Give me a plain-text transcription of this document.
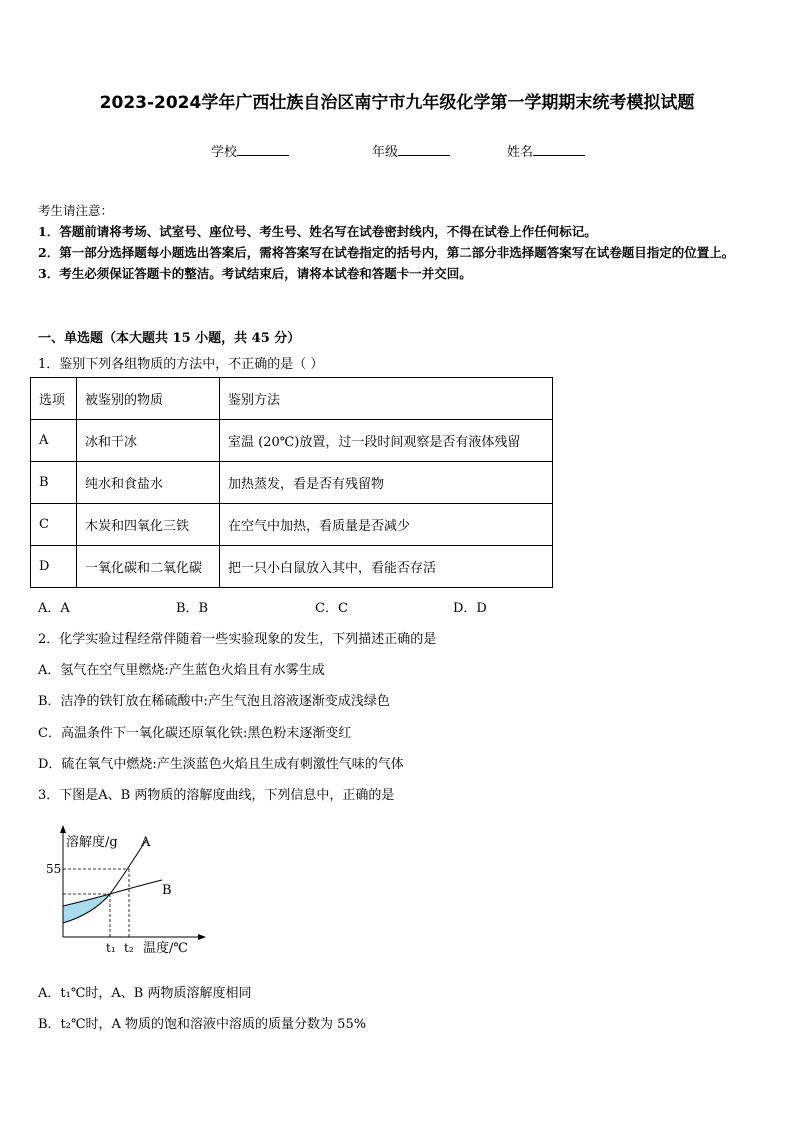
2023-2024学年广西壮族自治区南宁市九年级化学第一学期期末统考模拟试题
学校	年级	姓名
考生请注意：
1．答题前请将考场、试室号、座位号、考生号、姓名写在试卷密封线内，不得在试卷上作任何标记。
2．第一部分选择题每小题选出答案后，需将答案写在试卷指定的括号内，第二部分非选择题答案写在试卷题目指定的位置上。
3．考生必须保证答题卡的整洁。考试结束后，请将本试卷和答题卡一并交回。
一、单选题（本大题共 15 小题，共 45 分）
1．鉴别下列各组物质的方法中，不正确的是（ ）
选项	被鉴别的物质	鉴别方法
A	冰和干冰	室温 (20℃)放置，过一段时间观察是否有液体残留
B	纯水和食盐水	加热蒸发，看是否有残留物
C	木炭和四氧化三铁	在空气中加热，看质量是否减少
D	一氧化碳和二氧化碳	把一只小白鼠放入其中，看能否存活
A．A	B．B	C．C	D．D
2．化学实验过程经常伴随着一些实验现象的发生，下列描述正确的是
A．氢气在空气里燃烧:产生蓝色火焰且有水雾生成
B．洁净的铁钉放在稀硫酸中:产生气泡且溶液逐渐变成浅绿色
C．高温条件下一氧化碳还原氧化铁:黑色粉末逐渐变红
D．硫在氧气中燃烧:产生淡蓝色火焰且生成有刺激性气味的气体
3．下图是A、B 两物质的溶解度曲线，下列信息中，正确的是
溶解度/g A
B
55
t₁ t₂ 温度/℃
A．t₁℃时，A、B 两物质溶解度相同
B．t₂℃时，A 物质的饱和溶液中溶质的质量分数为 55%
